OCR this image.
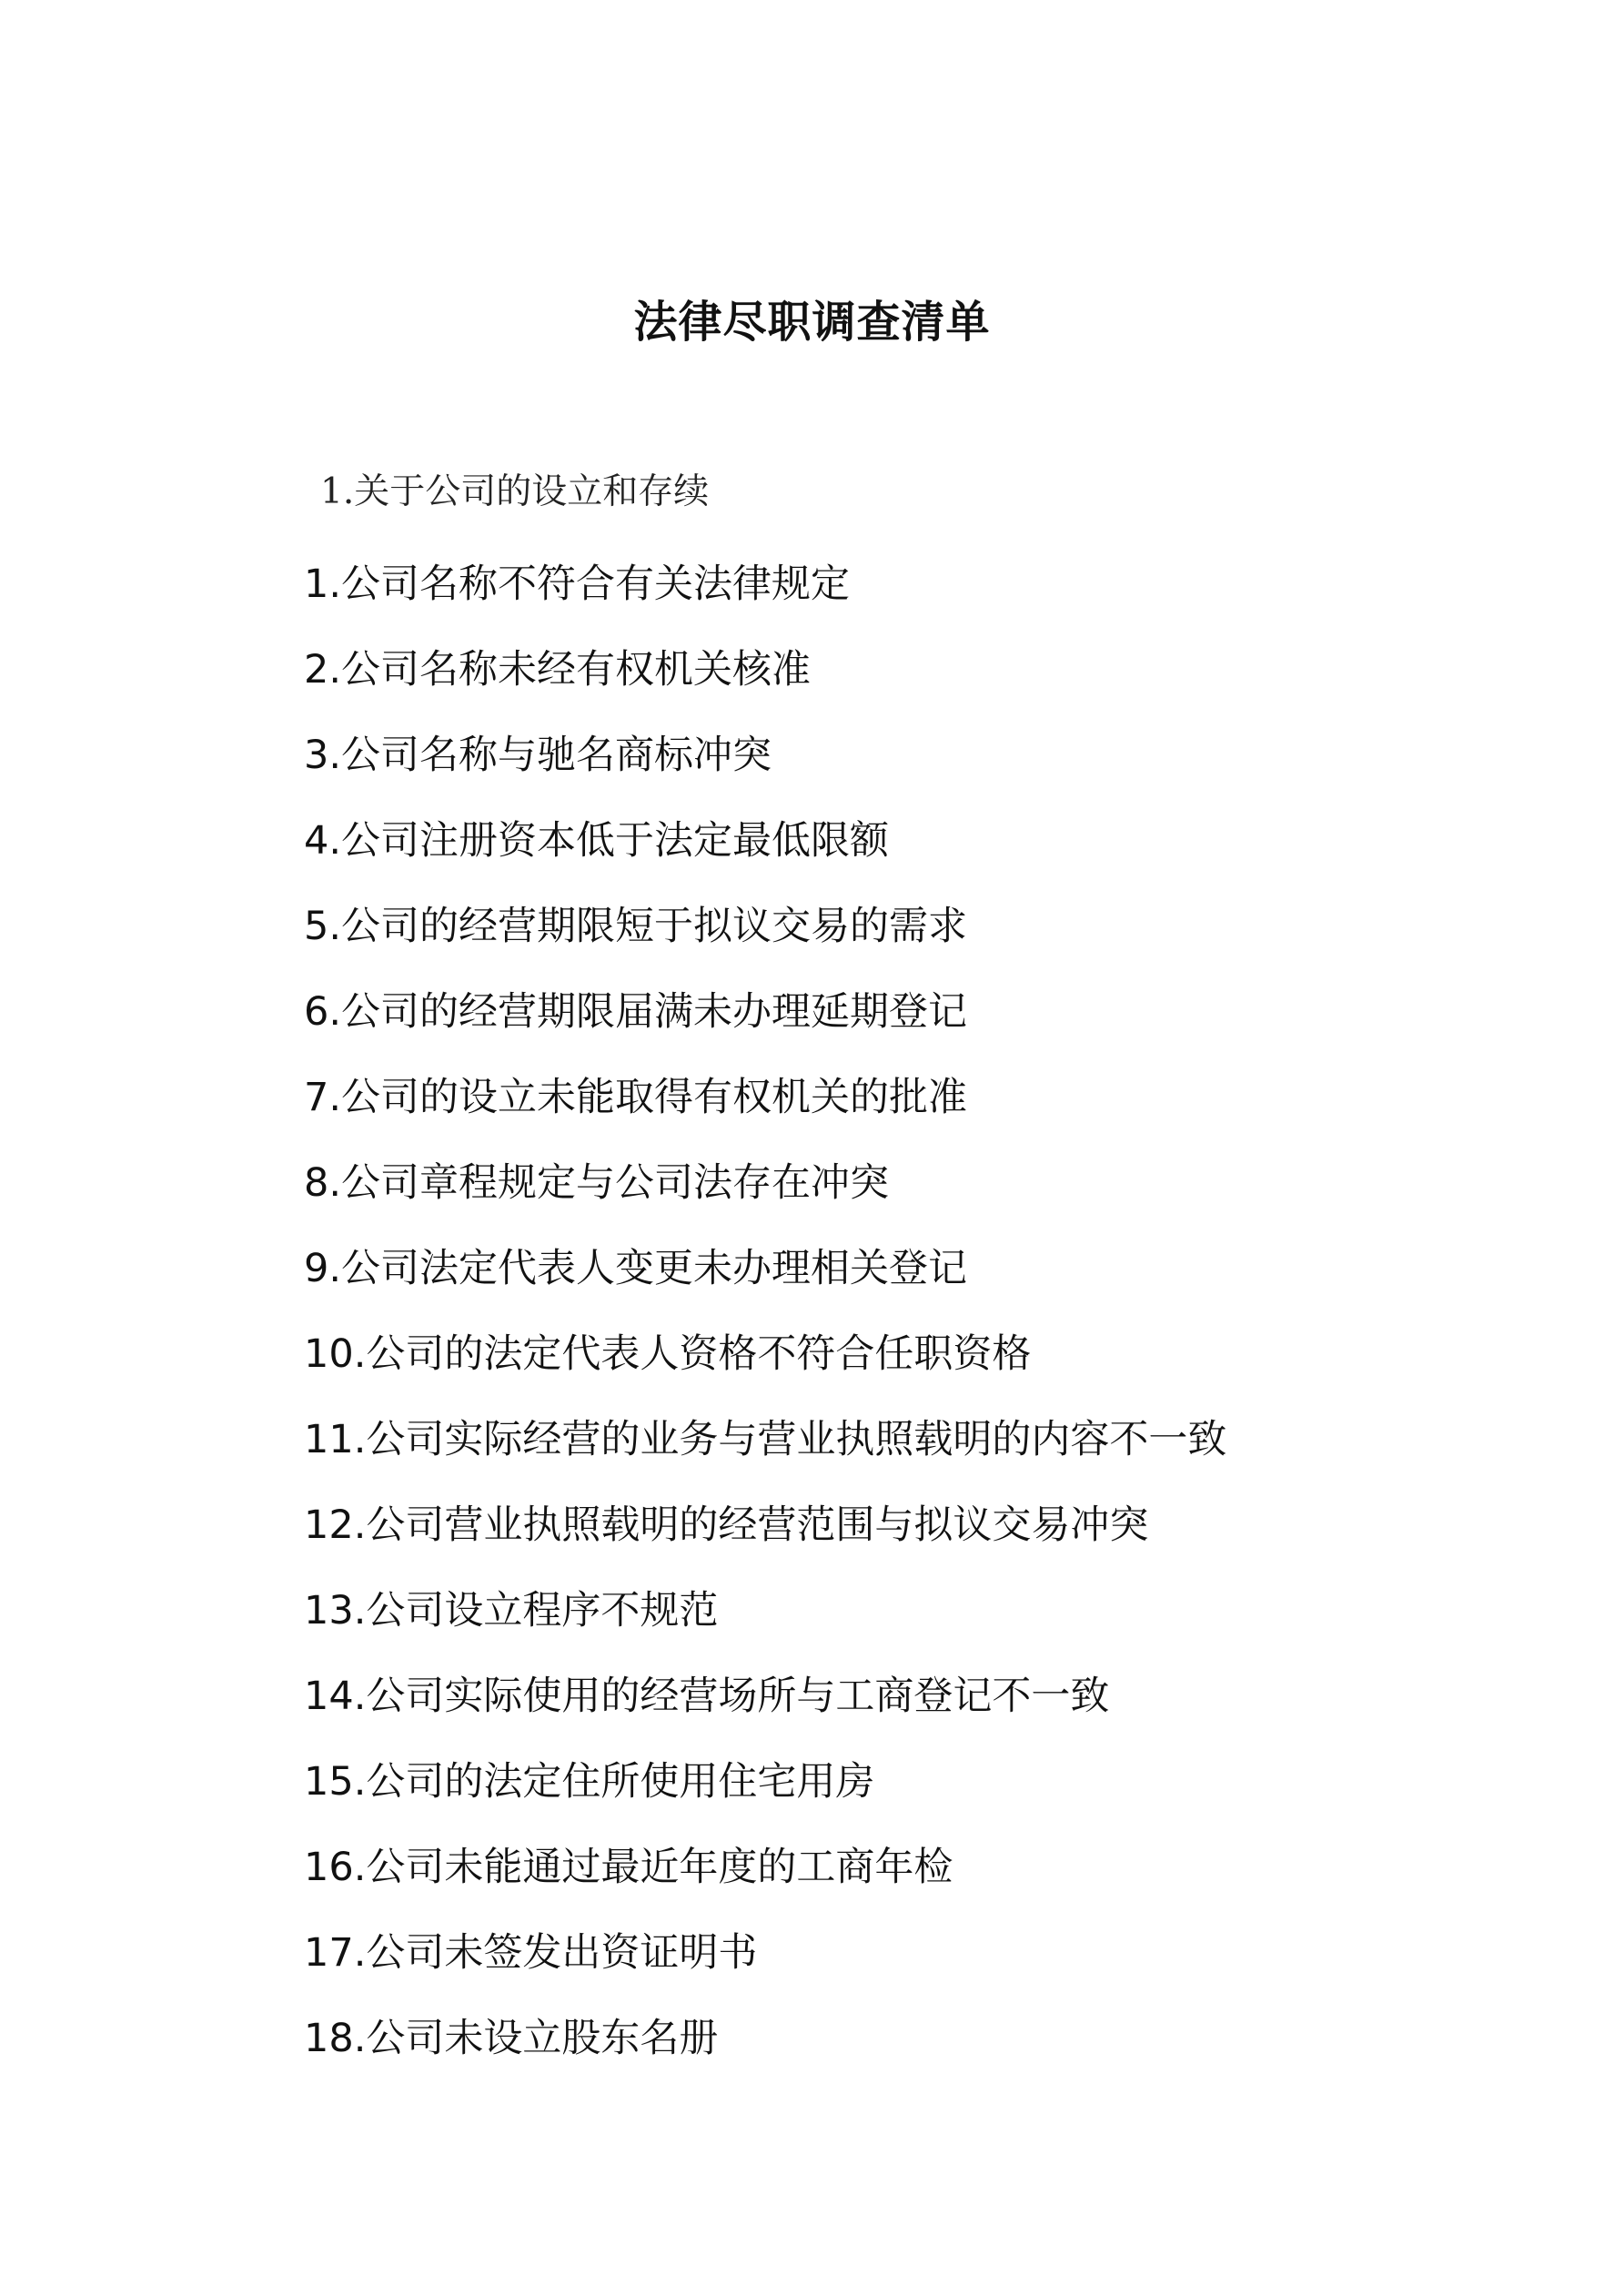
法律尽职调查清单
1.关于公司的设立和存续
1.公司名称不符合有关法律规定
2.公司名称未经有权机关核准
3.公司名称与驰名商标冲突
4.公司注册资本低于法定最低限额
5.公司的经营期限短于拟议交易的需求
6.公司的经营期限届满未办理延期登记
7.公司的设立未能取得有权机关的批准
8.公司章程规定与公司法存在冲突
9.公司法定代表人变更未办理相关登记
10.公司的法定代表人资格不符合任职资格
11.公司实际经营的业务与营业执照载明的内容不一致
12.公司营业执照载明的经营范围与拟议交易冲突
13.公司设立程序不规范
14.公司实际使用的经营场所与工商登记不一致
15.公司的法定住所使用住宅用房
16.公司未能通过最近年度的工商年检
17.公司未签发出资证明书
18.公司未设立股东名册
